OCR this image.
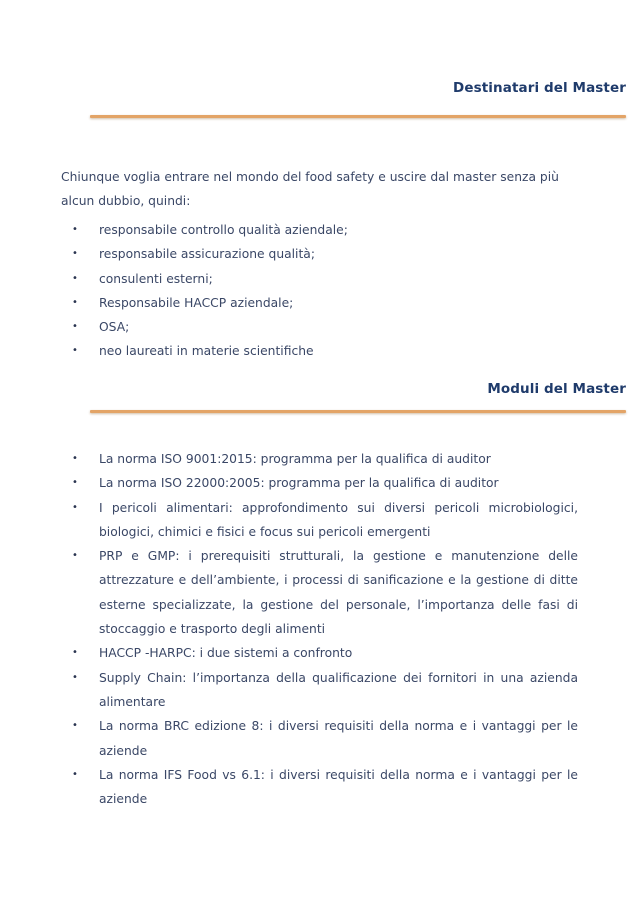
Destinatari del Master
Chiunque voglia entrare nel mondo del food safety e uscire dal master senza più
alcun dubbio, quindi:
• responsabile controllo qualità aziendale;
• responsabile assicurazione qualità;
• consulenti esterni;
• Responsabile HACCP aziendale;
• OSA;
• neo laureati in materie scientifiche
Moduli del Master
• La norma ISO 9001:2015: programma per la qualifica di auditor
• La norma ISO 22000:2005: programma per la qualifica di auditor
• I pericoli alimentari: approfondimento sui diversi pericoli microbiologici, biologici, chimici e fisici e focus sui pericoli emergenti
• PRP e GMP: i prerequisiti strutturali, la gestione e manutenzione delle attrezzature e dell’ambiente, i processi di sanificazione e la gestione di ditte esterne specializzate, la gestione del personale, l’importanza delle fasi di stoccaggio e trasporto degli alimenti
• HACCP -HARPC: i due sistemi a confronto
• Supply Chain: l’importanza della qualificazione dei fornitori in una azienda alimentare
• La norma BRC edizione 8: i diversi requisiti della norma e i vantaggi per le aziende
• La norma IFS Food vs 6.1: i diversi requisiti della norma e i vantaggi per le aziende
